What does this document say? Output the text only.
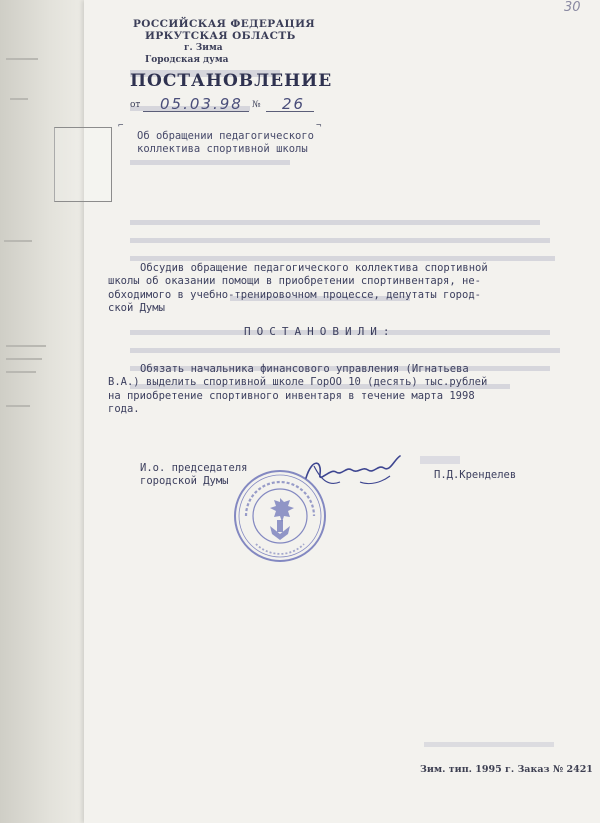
30
РОССИЙСКАЯ ФЕДЕРАЦИЯ
ИРКУТСКАЯ ОБЛАСТЬ
г. Зима
Городская дума
ПОСТАНОВЛЕНИЕ
от 05.03.98 № 26
⌐	¬
Об обращении педагогического
коллектива спортивной школы
Обсудив обращение педагогического коллектива спортивной
школы об оказании помощи в приобретении спортинвентаря, не-
обходимого в учебно-тренировочном процессе, депутаты город-
ской Думы
ПОСТАНОВИЛИ:
Обязать начальника финансового управления (Игнатьева
В.А.) выделить спортивной школе ГорОО 10 (десять) тыс.рублей
на приобретение спортивного инвентаря в течение марта 1998
года.
И.о. председателя
городской Думы	П.Д.Кренделев
Зим. тип. 1995 г. Заказ № 2421
